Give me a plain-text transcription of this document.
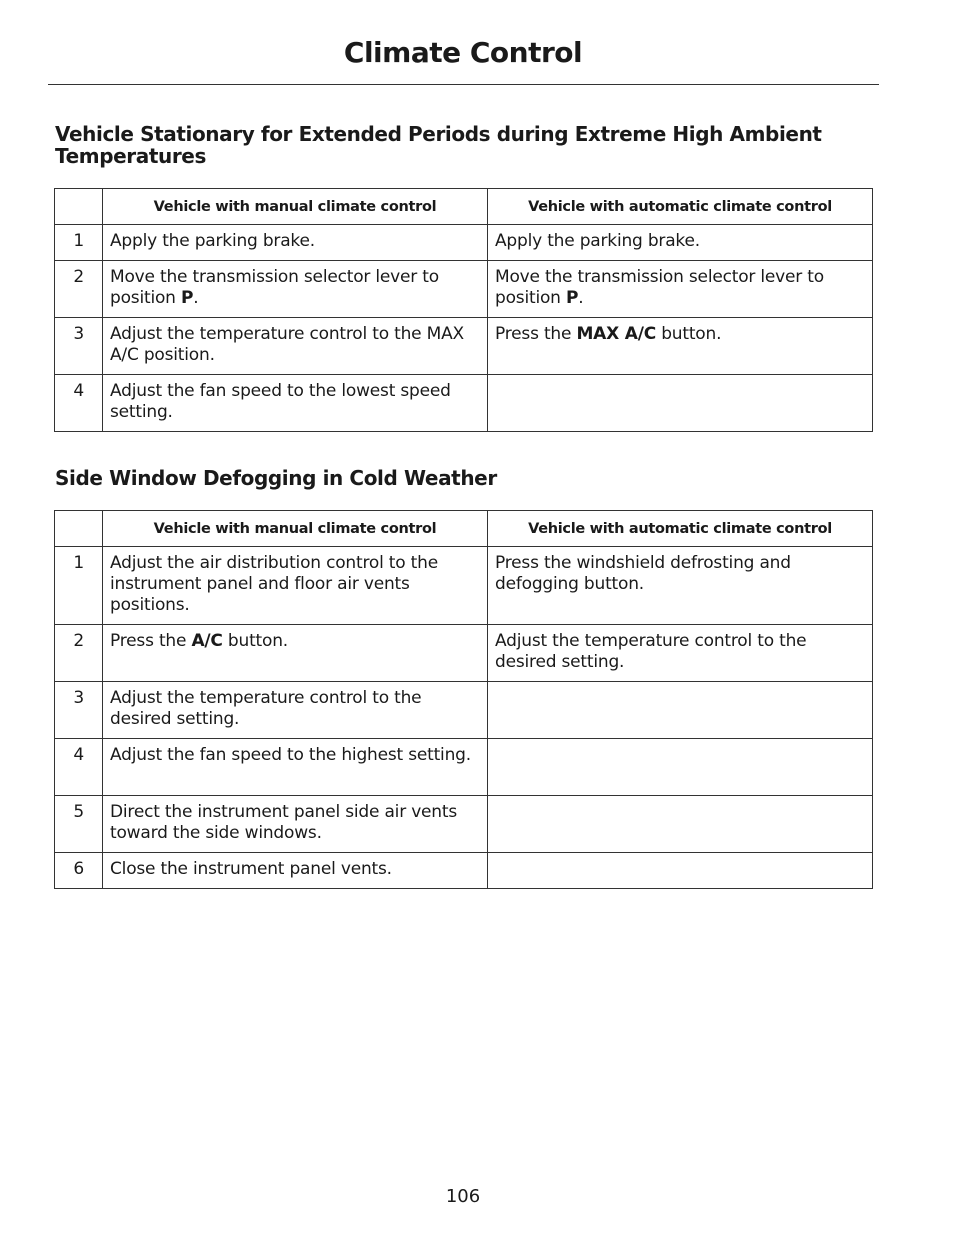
Climate Control
Vehicle Stationary for Extended Periods during Extreme High Ambient Temperatures
	Vehicle with manual climate control	Vehicle with automatic climate control
1	Apply the parking brake.	Apply the parking brake.
2	Move the transmission selector lever to position P.	Move the transmission selector lever to position P.
3	Adjust the temperature control to the MAX A/C position.	Press the MAX A/C button.
4	Adjust the fan speed to the lowest speed setting.	
Side Window Defogging in Cold Weather
	Vehicle with manual climate control	Vehicle with automatic climate control
1	Adjust the air distribution control to the instrument panel and floor air vents positions.	Press the windshield defrosting and defogging button.
2	Press the A/C button.	Adjust the temperature control to the desired setting.
3	Adjust the temperature control to the desired setting.	
4	Adjust the fan speed to the highest setting.	
5	Direct the instrument panel side air vents toward the side windows.	
6	Close the instrument panel vents.	
106
